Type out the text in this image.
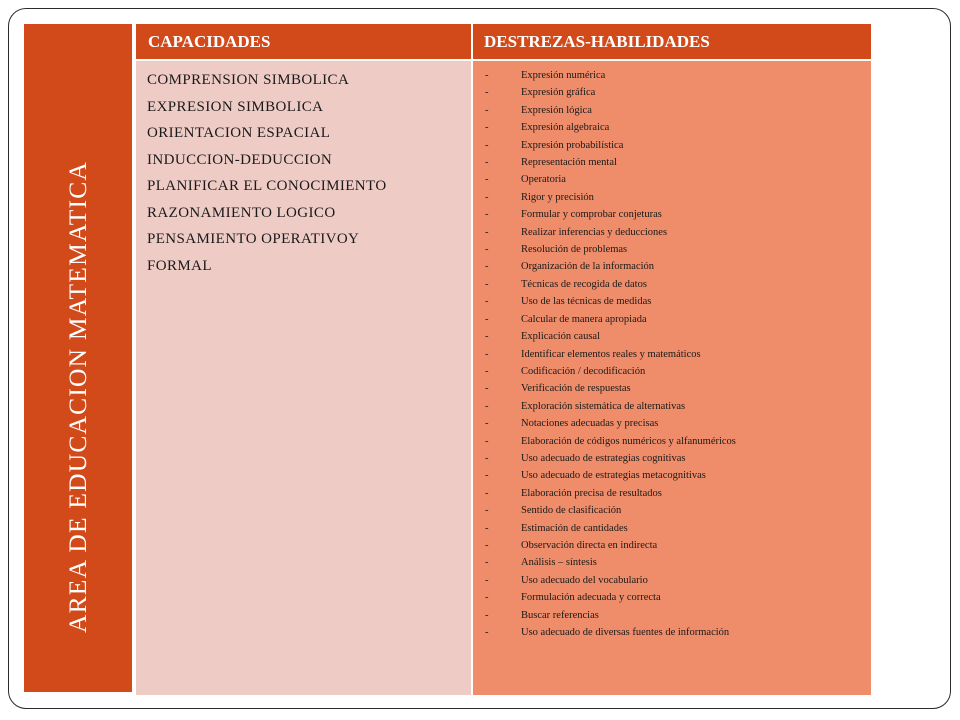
AREA DE EDUCACION MATEMATICA
CAPACIDADES	DESTREZAS-HABILIDADES
COMPRENSION SIMBOLICA
EXPRESION SIMBOLICA
ORIENTACION ESPACIAL
INDUCCION-DEDUCCION
PLANIFICAR EL CONOCIMIENTO
RAZONAMIENTO LOGICO
PENSAMIENTO OPERATIVOY
FORMAL
-	Expresión numérica
-	Expresión gráfica
-	Expresión lógica
-	Expresión algebraica
-	Expresión probabilística
-	Representación mental
-	Operatoria
-	Rigor y precisión
-	Formular y comprobar conjeturas
-	Realizar inferencias y deducciones
-	Resolución de problemas
-	Organización de la información
-	Técnicas de recogida de datos
-	Uso de las técnicas de medidas
-	Calcular de manera apropiada
-	Explicación causal
-	Identificar elementos reales y matemáticos
-	Codificación / decodificación
-	Verificación de respuestas
-	Exploración sistemática de alternativas
-	Notaciones adecuadas y precisas
-	Elaboración de códigos numéricos y alfanuméricos
-	Uso adecuado de estrategias cognitivas
-	Uso adecuado de estrategias metacognitivas
-	Elaboración precisa de resultados
-	Sentido de clasificación
-	Estimación de cantidades
-	Observación directa en indirecta
-	Análisis – síntesis
-	Uso adecuado del vocabulario
-	Formulación adecuada y correcta
-	Buscar referencias
-	Uso adecuado de diversas fuentes de información
